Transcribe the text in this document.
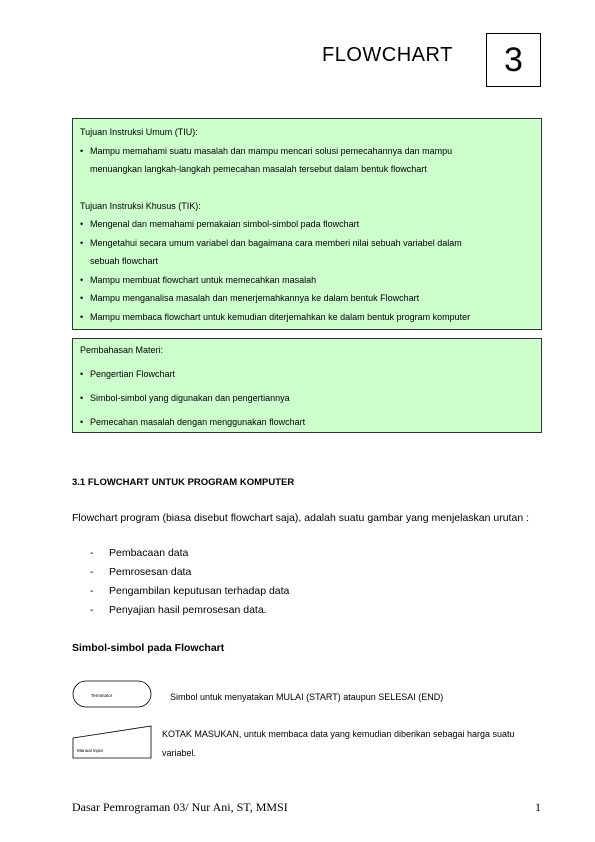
FLOWCHART 3
Tujuan Instruksi Umum (TIU):
• Mampu memahami suatu masalah dan mampu mencari solusi pemecahannya dan mampu
menuangkan langkah-langkah pemecahan masalah tersebut dalam bentuk flowchart
Tujuan Instruksi Khusus (TIK):
• Mengenal dan memahami pemakaian simbol-simbol pada flowchart
• Mengetahui secara umum variabel dan bagaimana cara memberi nilai sebuah variabel dalam
sebuah flowchart
• Mampu membuat flowchart untuk memecahkan masalah
• Mampu menganalisa masalah dan menerjemahkannya ke dalam bentuk Flowchart
• Mampu membaca flowchart untuk kemudian diterjemahkan ke dalam bentuk program komputer
Pembahasan Materi:
• Pengertian Flowchart
• Simbol-simbol yang digunakan dan pengertiannya
• Pemecahan masalah dengan menggunakan flowchart
3.1 FLOWCHART UNTUK PROGRAM KOMPUTER
Flowchart program (biasa disebut flowchart saja), adalah suatu gambar yang menjelaskan urutan :
-	Pembacaan data
-	Pemrosesan data
-	Pengambilan keputusan terhadap data
-	Penyajian hasil pemrosesan data.
Simbol-simbol pada Flowchart
Terminator
Manual input
Simbol untuk menyatakan MULAI (START) ataupun SELESAI (END)
KOTAK MASUKAN, untuk membaca data yang kemudian diberikan sebagai harga suatu variabel.
Dasar Pemrograman 03/ Nur Ani, ST, MMSI	1
